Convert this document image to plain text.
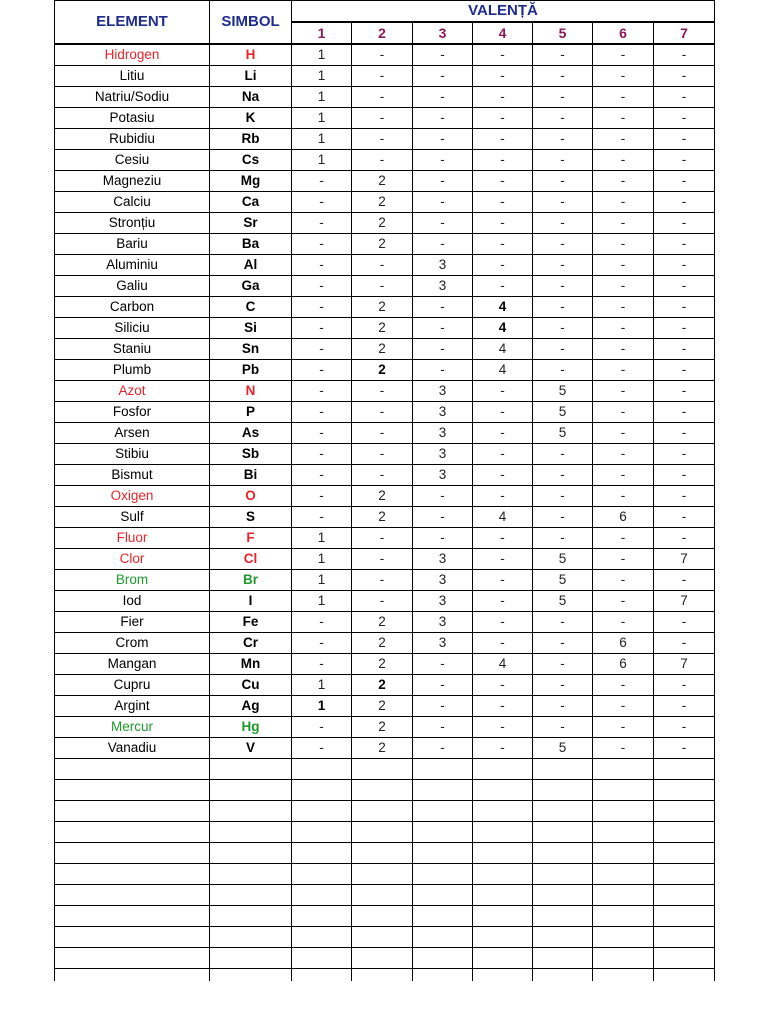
ELEMENT	SIMBOL	VALENȚĂ						
		1	2	3	4	5	6	7
Hidrogen	H	1	-	-	-	-	-	-
Litiu	Li	1	-	-	-	-	-	-
Natriu/Sodiu	Na	1	-	-	-	-	-	-
Potasiu	K	1	-	-	-	-	-	-
Rubidiu	Rb	1	-	-	-	-	-	-
Cesiu	Cs	1	-	-	-	-	-	-
Magneziu	Mg	-	2	-	-	-	-	-
Calciu	Ca	-	2	-	-	-	-	-
Stronțiu	Sr	-	2	-	-	-	-	-
Bariu	Ba	-	2	-	-	-	-	-
Aluminiu	Al	-	-	3	-	-	-	-
Galiu	Ga	-	-	3	-	-	-	-
Carbon	C	-	2	-	4	-	-	-
Siliciu	Si	-	2	-	4	-	-	-
Staniu	Sn	-	2	-	4	-	-	-
Plumb	Pb	-	2	-	4	-	-	-
Azot	N	-	-	3	-	5	-	-
Fosfor	P	-	-	3	-	5	-	-
Arsen	As	-	-	3	-	5	-	-
Stibiu	Sb	-	-	3	-	-	-	-
Bismut	Bi	-	-	3	-	-	-	-
Oxigen	O	-	2	-	-	-	-	-
Sulf	S	-	2	-	4	-	6	-
Fluor	F	1	-	-	-	-	-	-
Clor	Cl	1	-	3	-	5	-	7
Brom	Br	1	-	3	-	5	-	-
Iod	I	1	-	3	-	5	-	7
Fier	Fe	-	2	3	-	-	-	-
Crom	Cr	-	2	3	-	-	6	-
Mangan	Mn	-	2	-	4	-	6	7
Cupru	Cu	1	2	-	-	-	-	-
Argint	Ag	1	2	-	-	-	-	-
Mercur	Hg	-	2	-	-	-	-	-
Vanadiu	V	-	2	-	-	5	-	-
